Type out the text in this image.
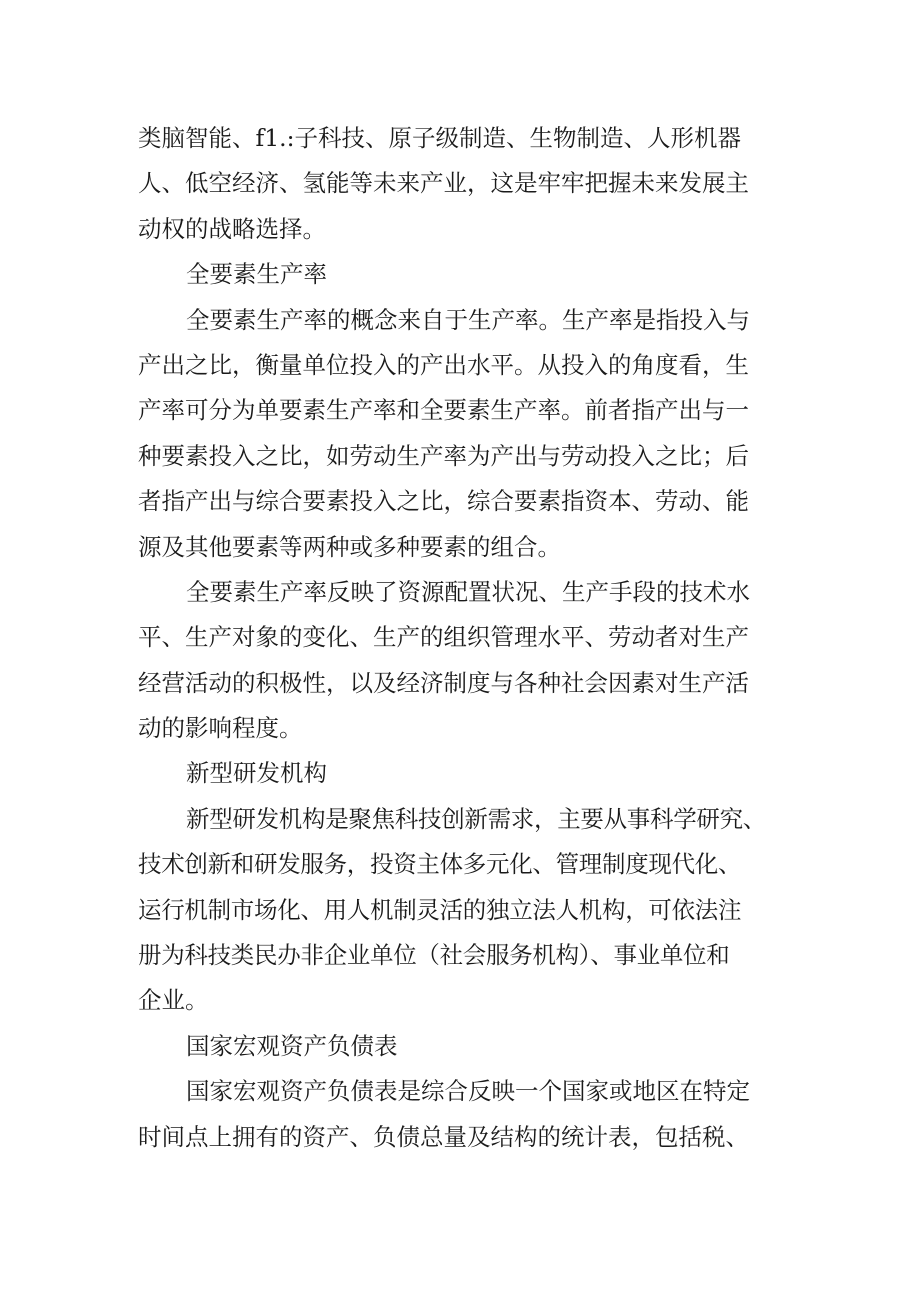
类脑智能、f1.:子科技、原子级制造、生物制造、人形机器
人、低空经济、氢能等未来产业，这是牢牢把握未来发展主
动权的战略选择。
全要素生产率
全要素生产率的概念来自于生产率。生产率是指投入与
产出之比，衡量单位投入的产出水平。从投入的角度看，生
产率可分为单要素生产率和全要素生产率。前者指产出与一
种要素投入之比，如劳动生产率为产出与劳动投入之比；后
者指产出与综合要素投入之比，综合要素指资本、劳动、能
源及其他要素等两种或多种要素的组合。
全要素生产率反映了资源配置状况、生产手段的技术水
平、生产对象的变化、生产的组织管理水平、劳动者对生产
经营活动的积极性，以及经济制度与各种社会因素对生产活
动的影响程度。
新型研发机构
新型研发机构是聚焦科技创新需求，主要从事科学研究、
技术创新和研发服务，投资主体多元化、管理制度现代化、
运行机制市场化、用人机制灵活的独立法人机构，可依法注
册为科技类民办非企业单位（社会服务机构）、事业单位和
企业。
国家宏观资产负债表
国家宏观资产负债表是综合反映一个国家或地区在特定
时间点上拥有的资产、负债总量及结构的统计表，包括税、
